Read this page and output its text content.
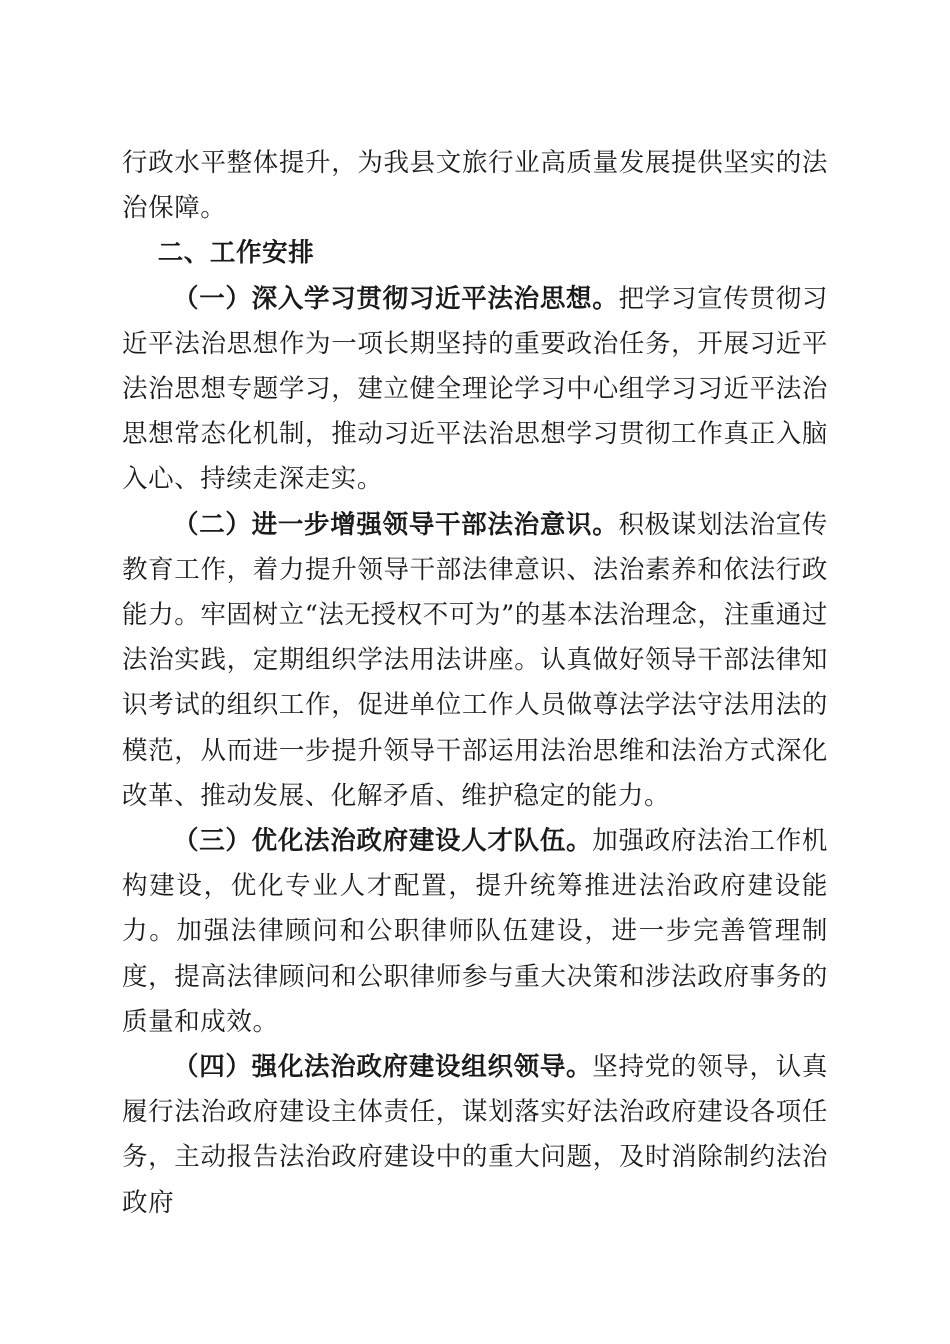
行政水平整体提升，为我县文旅行业高质量发展提供坚实的法治保障。

二、工作安排

（一）深入学习贯彻习近平法治思想。把学习宣传贯彻习近平法治思想作为一项长期坚持的重要政治任务，开展习近平法治思想专题学习，建立健全理论学习中心组学习习近平法治思想常态化机制，推动习近平法治思想学习贯彻工作真正入脑入心、持续走深走实。

（二）进一步增强领导干部法治意识。积极谋划法治宣传教育工作，着力提升领导干部法律意识、法治素养和依法行政能力。牢固树立“法无授权不可为”的基本法治理念，注重通过法治实践，定期组织学法用法讲座。认真做好领导干部法律知识考试的组织工作，促进单位工作人员做尊法学法守法用法的模范，从而进一步提升领导干部运用法治思维和法治方式深化改革、推动发展、化解矛盾、维护稳定的能力。

（三）优化法治政府建设人才队伍。加强政府法治工作机构建设，优化专业人才配置，提升统筹推进法治政府建设能力。加强法律顾问和公职律师队伍建设，进一步完善管理制度，提高法律顾问和公职律师参与重大决策和涉法政府事务的质量和成效。

（四）强化法治政府建设组织领导。坚持党的领导，认真履行法治政府建设主体责任，谋划落实好法治政府建设各项任务，主动报告法治政府建设中的重大问题，及时消除制约法治政府
